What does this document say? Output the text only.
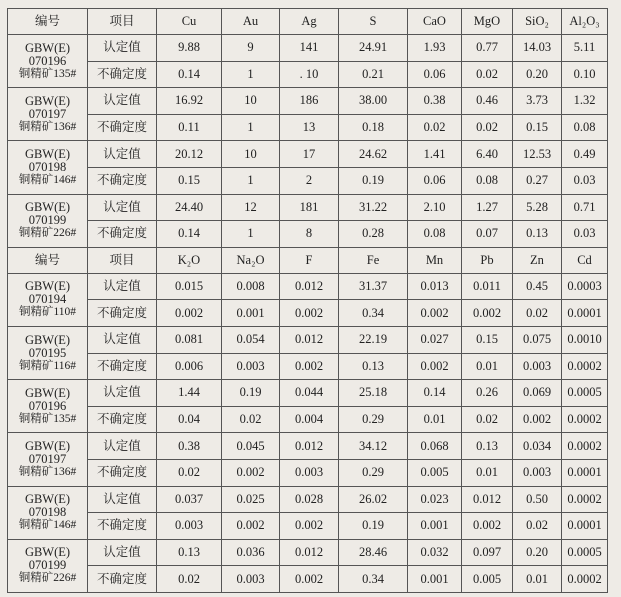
编号	项目	Cu	Au	Ag	S	CaO	MgO	SiO₂	Al₂O₃

GBW(E)
070196
铜精矿135#	认定值	9.88	9	141	24.91	1.93	0.77	14.03	5.11
	不确定度	0.14	1	. 10	0.21	0.06	0.02	0.20	0.10

GBW(E)
070197
铜精矿136#	认定值	16.92	10	186	38.00	0.38	0.46	3.73	1.32
	不确定度	0.11	1	13	0.18	0.02	0.02	0.15	0.08

GBW(E)
070198
铜精矿146#	认定值	20.12	10	17	24.62	1.41	6.40	12.53	0.49
	不确定度	0.15	1	2	0.19	0.06	0.08	0.27	0.03

GBW(E)
070199
铜精矿226#	认定值	24.40	12	181	31.22	2.10	1.27	5.28	0.71
	不确定度	0.14	1	8	0.28	0.08	0.07	0.13	0.03
编号	项目	K₂O	Na₂O	F	Fe	Mn	Pb	Zn	Cd

GBW(E)
070194
铜精矿110#	认定值	0.015	0.008	0.012	31.37	0.013	0.011	0.45	0.0003
	不确定度	0.002	0.001	0.002	0.34	0.002	0.002	0.02	0.0001

GBW(E)
070195
铜精矿116#	认定值	0.081	0.054	0.012	22.19	0.027	0.15	0.075	0.0010
	不确定度	0.006	0.003	0.002	0.13	0.002	0.01	0.003	0.0002

GBW(E)
070196
铜精矿135#	认定值	1.44	0.19	0.044	25.18	0.14	0.26	0.069	0.0005
	不确定度	0.04	0.02	0.004	0.29	0.01	0.02	0.002	0.0002

GBW(E)
070197
铜精矿136#	认定值	0.38	0.045	0.012	34.12	0.068	0.13	0.034	0.0002
	不确定度	0.02	0.002	0.003	0.29	0.005	0.01	0.003	0.0001

GBW(E)
070198
铜精矿146#	认定值	0.037	0.025	0.028	26.02	0.023	0.012	0.50	0.0002
	不确定度	0.003	0.002	0.002	0.19	0.001	0.002	0.02	0.0001

GBW(E)
070199
铜精矿226#	认定值	0.13	0.036	0.012	28.46	0.032	0.097	0.20	0.0005
	不确定度	0.02	0.003	0.002	0.34	0.001	0.005	0.01	0.0002
